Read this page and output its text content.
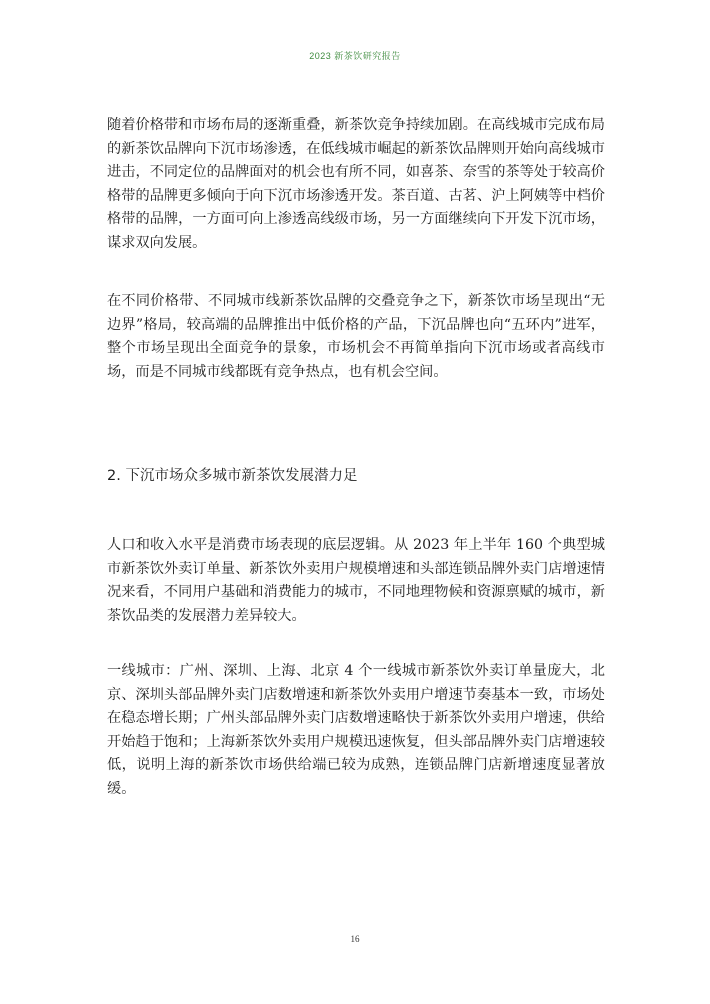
2023 新茶饮研究报告

随着价格带和市场布局的逐渐重叠，新茶饮竞争持续加剧。在高线城市完成布局的新茶饮品牌向下沉市场渗透，在低线城市崛起的新茶饮品牌则开始向高线城市进击，不同定位的品牌面对的机会也有所不同，如喜茶、奈雪的茶等处于较高价格带的品牌更多倾向于向下沉市场渗透开发。茶百道、古茗、沪上阿姨等中档价格带的品牌，一方面可向上渗透高线级市场，另一方面继续向下开发下沉市场，谋求双向发展。

在不同价格带、不同城市线新茶饮品牌的交叠竞争之下，新茶饮市场呈现出“无边界”格局，较高端的品牌推出中低价格的产品，下沉品牌也向“五环内”进军，整个市场呈现出全面竞争的景象，市场机会不再简单指向下沉市场或者高线市场，而是不同城市线都既有竞争热点，也有机会空间。

2. 下沉市场众多城市新茶饮发展潜力足

人口和收入水平是消费市场表现的底层逻辑。从 2023 年上半年 160 个典型城市新茶饮外卖订单量、新茶饮外卖用户规模增速和头部连锁品牌外卖门店增速情况来看，不同用户基础和消费能力的城市，不同地理物候和资源禀赋的城市，新茶饮品类的发展潜力差异较大。

一线城市：广州、深圳、上海、北京 4 个一线城市新茶饮外卖订单量庞大，北京、深圳头部品牌外卖门店数增速和新茶饮外卖用户增速节奏基本一致，市场处在稳态增长期；广州头部品牌外卖门店数增速略快于新茶饮外卖用户增速，供给开始趋于饱和；上海新茶饮外卖用户规模迅速恢复，但头部品牌外卖门店增速较低，说明上海的新茶饮市场供给端已较为成熟，连锁品牌门店新增速度显著放缓。

16
